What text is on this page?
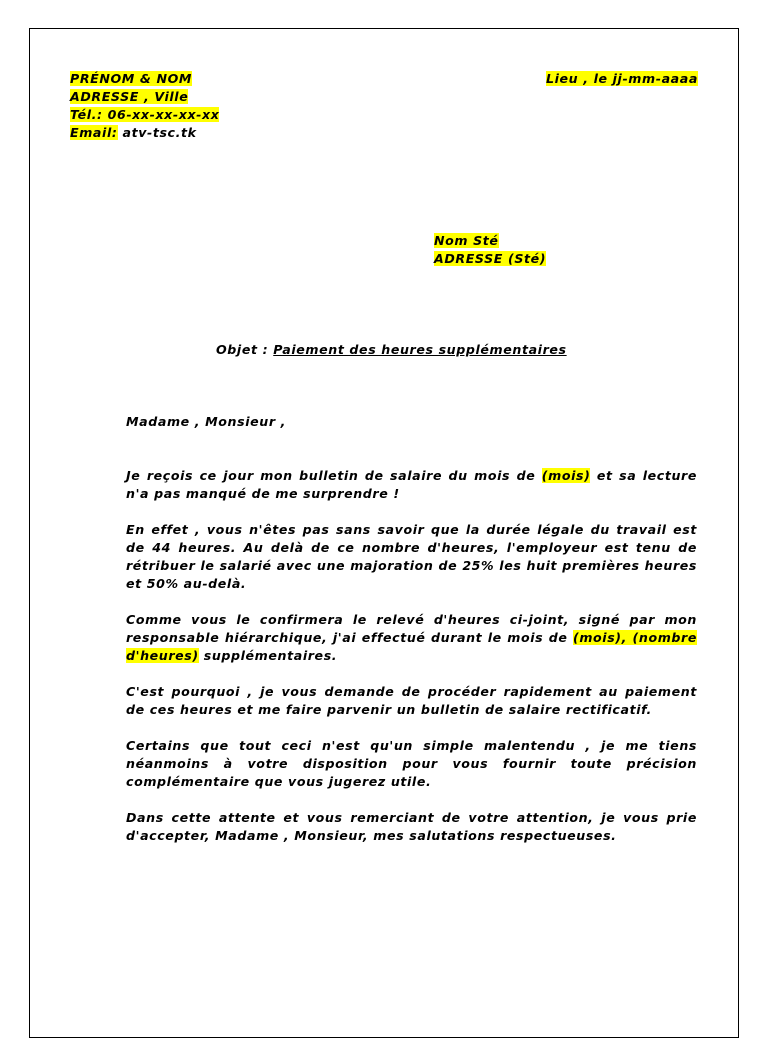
PRÉNOM & NOM
ADRESSE , Ville
Tél.: 06-xx-xx-xx-xx
Email: atv-tsc.tk
Lieu , le jj-mm-aaaa
Nom Sté
ADRESSE (Sté)
Objet : Paiement des heures supplémentaires

Madame , Monsieur ,

Je reçois ce jour mon bulletin de salaire du mois de (mois) et sa lecture n'a pas manqué de me surprendre !

En effet , vous n'êtes pas sans savoir que la durée légale du travail est de 44 heures. Au delà de ce nombre d'heures, l'employeur est tenu de rétribuer le salarié avec une majoration de 25% les huit premières heures et 50% au-delà.

Comme vous le confirmera le relevé d'heures ci-joint, signé par mon responsable hiérarchique, j'ai effectué durant le mois de (mois), (nombre d'heures) supplémentaires.

C'est pourquoi , je vous demande de procéder rapidement au paiement de ces heures et me faire parvenir un bulletin de salaire rectificatif.

Certains que tout ceci n'est qu'un simple malentendu , je me tiens néanmoins à votre disposition pour vous fournir toute précision complémentaire que vous jugerez utile.

Dans cette attente et vous remerciant de votre attention, je vous prie d'accepter, Madame , Monsieur, mes salutations respectueuses.
